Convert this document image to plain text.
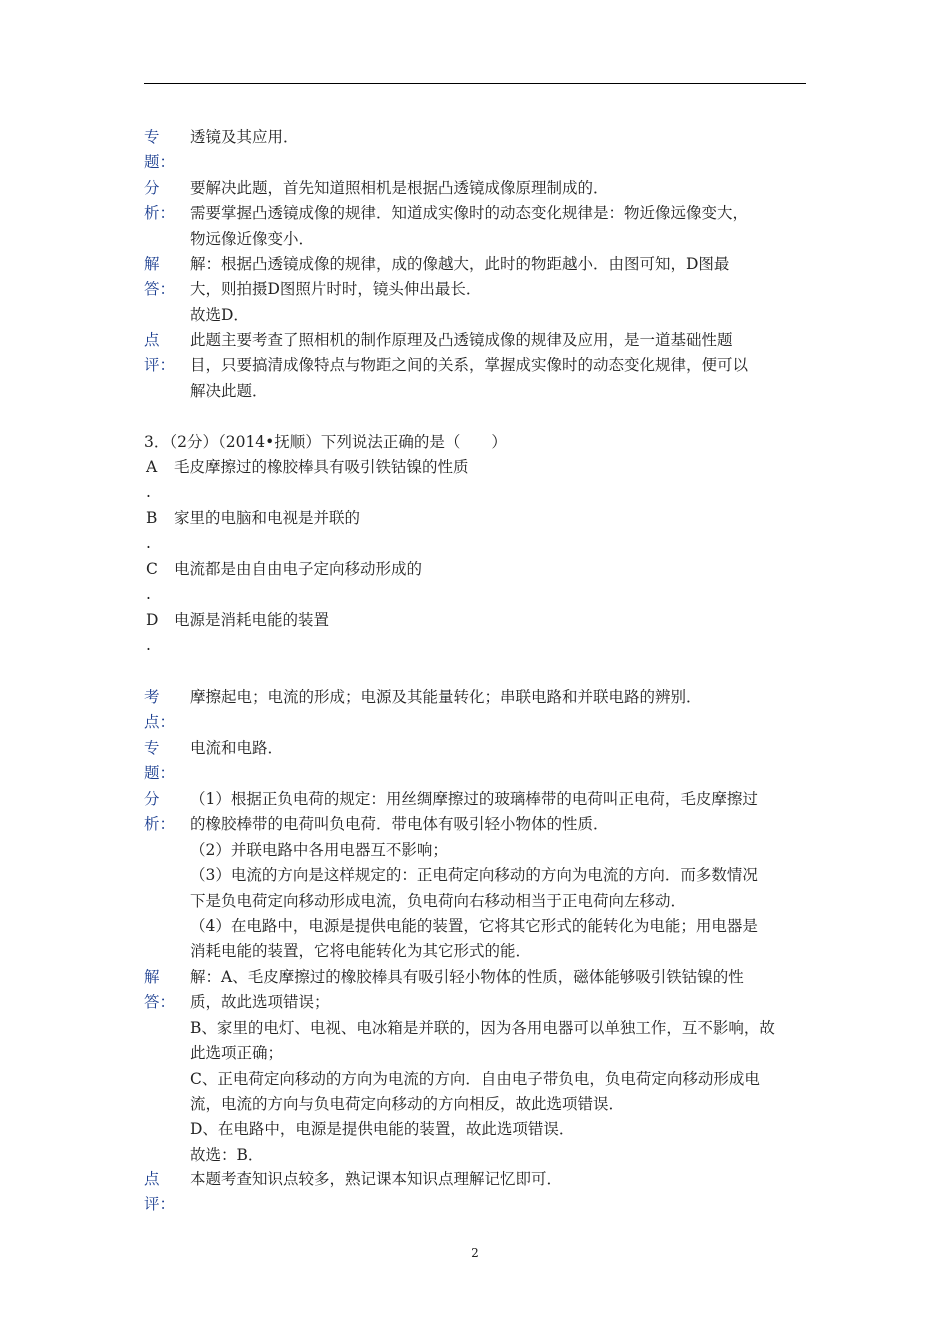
专
题：
透镜及其应用．
分
析：
要解决此题，首先知道照相机是根据凸透镜成像原理制成的．
需要掌握凸透镜成像的规律．知道成实像时的动态变化规律是：物近像远像变大，
物远像近像变小．
解
答：
解：根据凸透镜成像的规律，成的像越大，此时的物距越小．由图可知，D图最
大，则拍摄D图照片时时，镜头伸出最长．
故选D．
点
评：
此题主要考查了照相机的制作原理及凸透镜成像的规律及应用，是一道基础性题
目，只要搞清成像特点与物距之间的关系，掌握成实像时的动态变化规律，便可以
解决此题．
3．（2分）（2014•抚顺）下列说法正确的是（　　）
A 毛皮摩擦过的橡胶棒具有吸引铁钴镍的性质
.
B 家里的电脑和电视是并联的
.
C 电流都是由自由电子定向移动形成的
.
D 电源是消耗电能的装置
.
考
点：
摩擦起电；电流的形成；电源及其能量转化；串联电路和并联电路的辨别．
专
题：
电流和电路．
分
析：
（1）根据正负电荷的规定：用丝绸摩擦过的玻璃棒带的电荷叫正电荷，毛皮摩擦过
的橡胶棒带的电荷叫负电荷．带电体有吸引轻小物体的性质．
（2）并联电路中各用电器互不影响；
（3）电流的方向是这样规定的：正电荷定向移动的方向为电流的方向．而多数情况
下是负电荷定向移动形成电流，负电荷向右移动相当于正电荷向左移动．
（4）在电路中，电源是提供电能的装置，它将其它形式的能转化为电能；用电器是
消耗电能的装置，它将电能转化为其它形式的能．
解
答：
解：A、毛皮摩擦过的橡胶棒具有吸引轻小物体的性质，磁体能够吸引铁钴镍的性
质，故此选项错误；
B、家里的电灯、电视、电冰箱是并联的，因为各用电器可以单独工作，互不影响，故
此选项正确；
C、正电荷定向移动的方向为电流的方向．自由电子带负电，负电荷定向移动形成电
流，电流的方向与负电荷定向移动的方向相反，故此选项错误．
D、在电路中，电源是提供电能的装置，故此选项错误．
故选：B．
点
评：
本题考查知识点较多，熟记课本知识点理解记忆即可．
2
